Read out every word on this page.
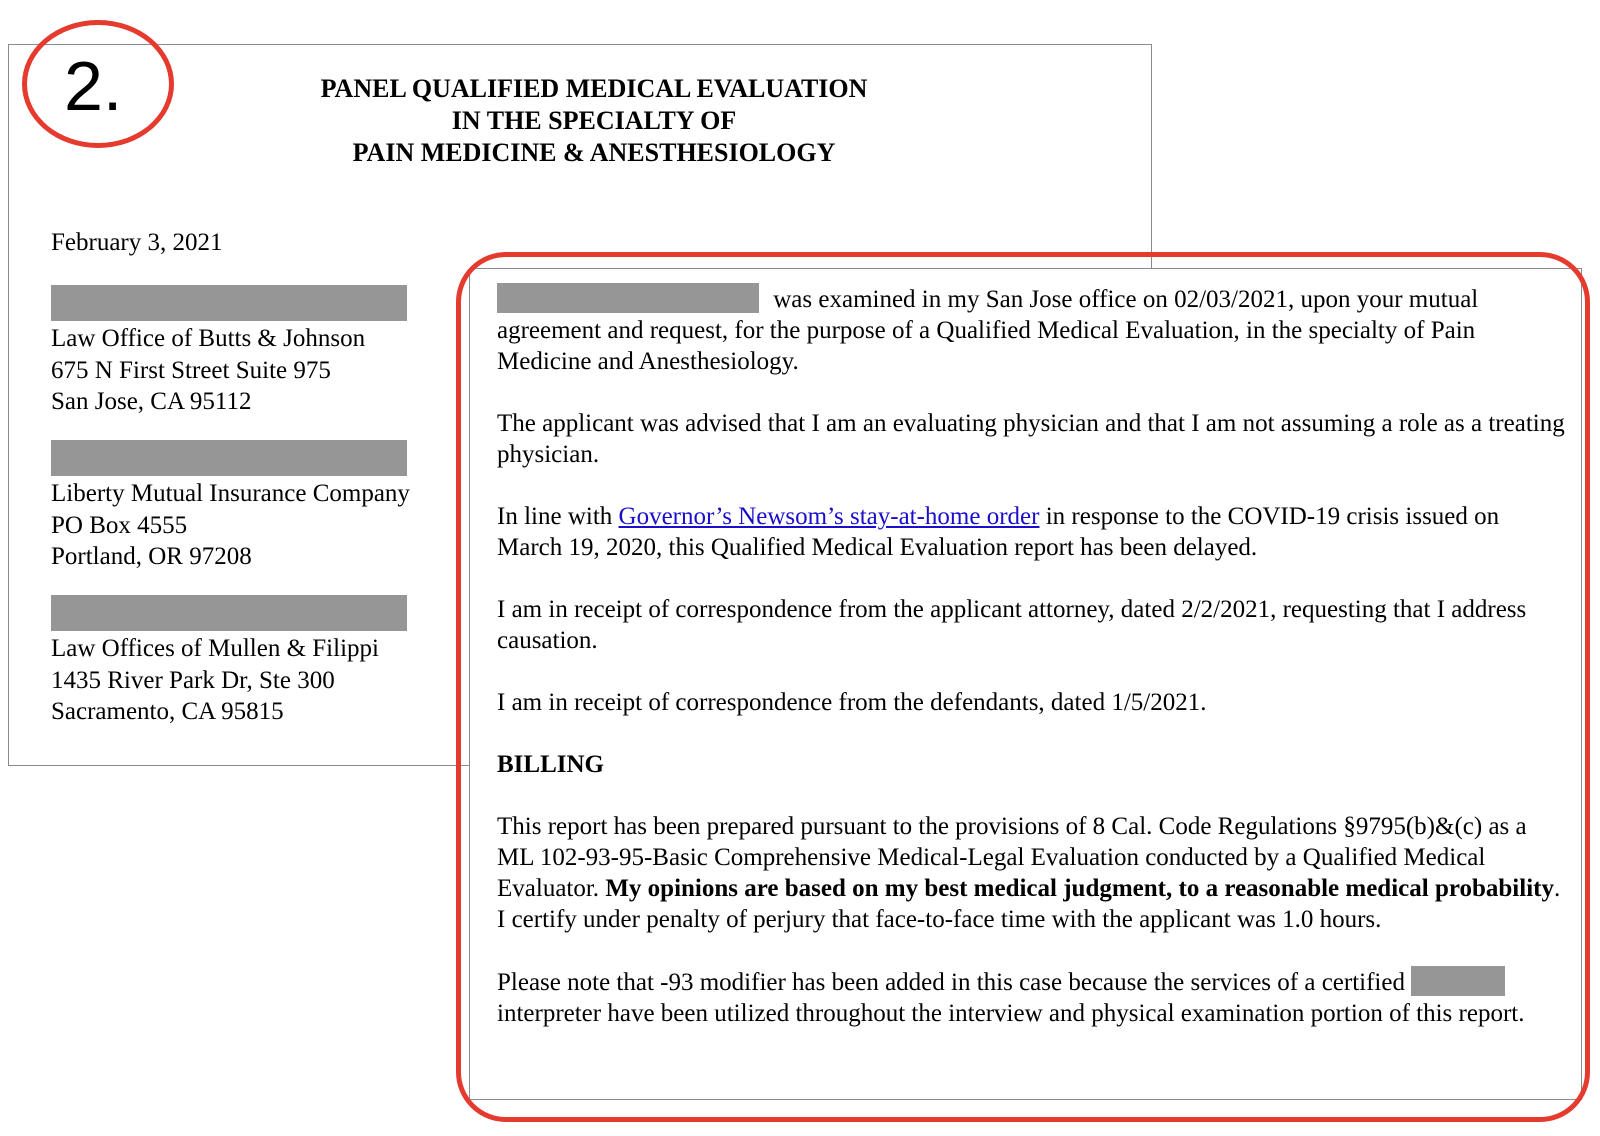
PANEL QUALIFIED MEDICAL EVALUATION
IN THE SPECIALTY OF
PAIN MEDICINE & ANESTHESIOLOGY
February 3, 2021
Law Office of Butts & Johnson
675 N First Street Suite 975
San Jose, CA 95112
Liberty Mutual Insurance Company
PO Box 4555
Portland, OR 97208
Law Offices of Mullen & Filippi
1435 River Park Dr, Ste 300
Sacramento, CA 95815

was examined in my San Jose office on 02/03/2021, upon your mutual agreement and request, for the purpose of a Qualified Medical Evaluation, in the specialty of Pain Medicine and Anesthesiology.

The applicant was advised that I am an evaluating physician and that I am not assuming a role as a treating physician.

In line with Governor’s Newsom’s stay-at-home order in response to the COVID-19 crisis issued on March 19, 2020, this Qualified Medical Evaluation report has been delayed.

I am in receipt of correspondence from the applicant attorney, dated 2/2/2021, requesting that I address causation.

I am in receipt of correspondence from the defendants, dated 1/5/2021.

BILLING

This report has been prepared pursuant to the provisions of 8 Cal. Code Regulations §9795(b)&(c) as a ML 102-93-95-Basic Comprehensive Medical-Legal Evaluation conducted by a Qualified Medical Evaluator. My opinions are based on my best medical judgment, to a reasonable medical probability. I certify under penalty of perjury that face-to-face time with the applicant was 1.0 hours.

Please note that -93 modifier has been added in this case because the services of a certified interpreter have been utilized throughout the interview and physical examination portion of this report.

2.
